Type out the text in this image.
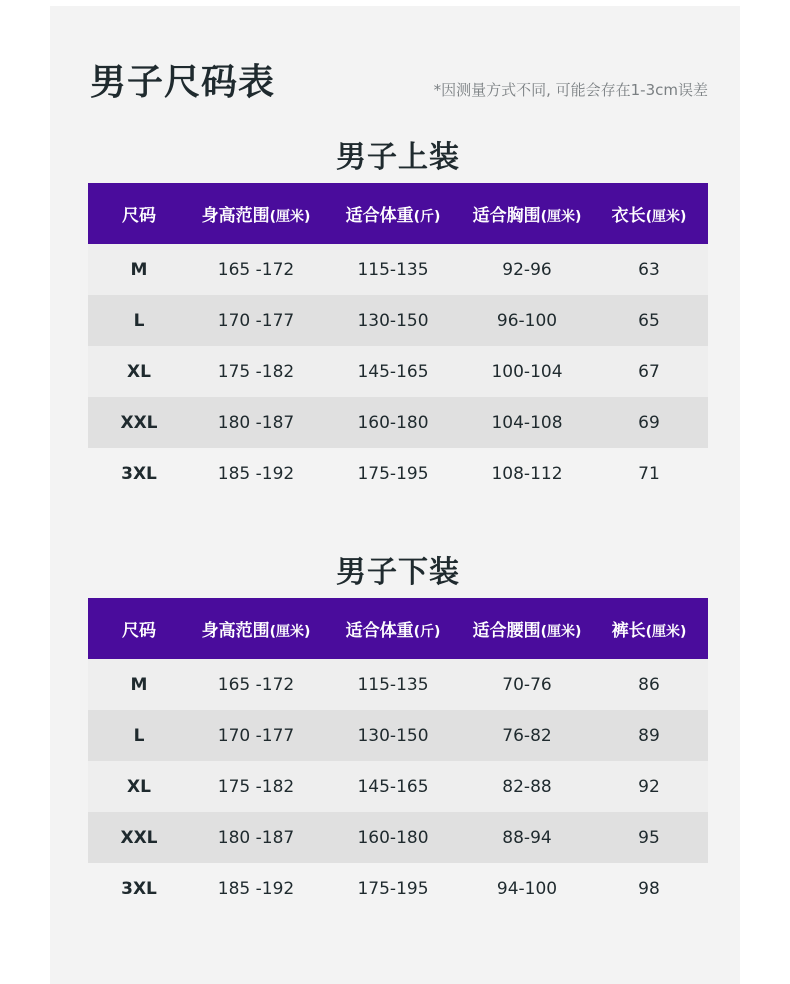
男子尺码表	*因测量方式不同, 可能会存在1-3cm误差
男子上装
尺码	身高范围(厘米)	适合体重(斤)	适合胸围(厘米)	衣长(厘米)
M	165 -172	115-135	92-96	63
L	170 -177	130-150	96-100	65
XL	175 -182	145-165	100-104	67
XXL	180 -187	160-180	104-108	69
3XL	185 -192	175-195	108-112	71
男子下装
尺码	身高范围(厘米)	适合体重(斤)	适合腰围(厘米)	裤长(厘米)
M	165 -172	115-135	70-76	86
L	170 -177	130-150	76-82	89
XL	175 -182	145-165	82-88	92
XXL	180 -187	160-180	88-94	95
3XL	185 -192	175-195	94-100	98
